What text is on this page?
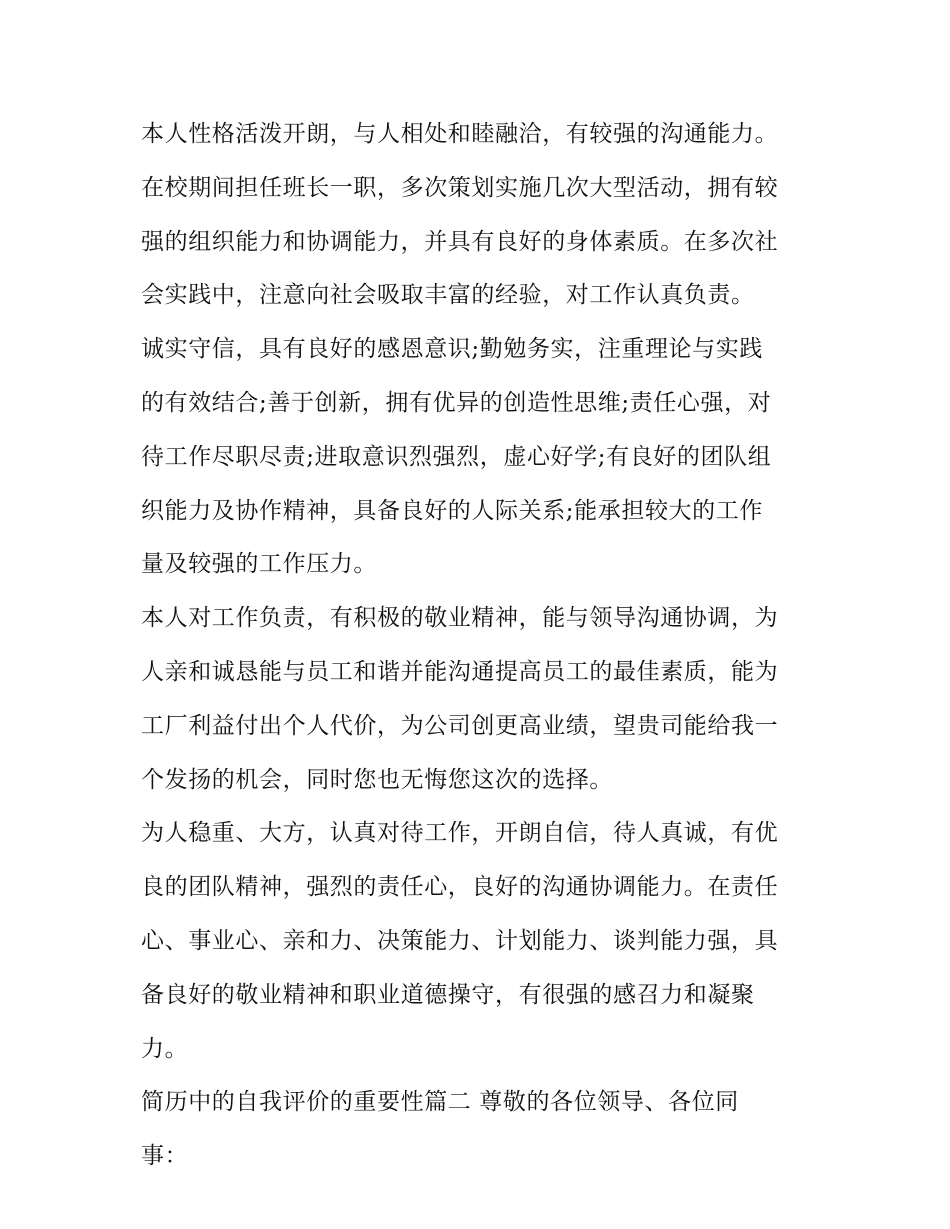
本人性格活泼开朗，与人相处和睦融洽，有较强的沟通能力。
在校期间担任班长一职，多次策划实施几次大型活动，拥有较
强的组织能力和协调能力，并具有良好的身体素质。在多次社
会实践中，注意向社会吸取丰富的经验，对工作认真负责。
诚实守信，具有良好的感恩意识;勤勉务实，注重理论与实践
的有效结合;善于创新，拥有优异的创造性思维;责任心强，对
待工作尽职尽责;进取意识烈强烈，虚心好学;有良好的团队组
织能力及协作精神，具备良好的人际关系;能承担较大的工作
量及较强的工作压力。
本人对工作负责，有积极的敬业精神，能与领导沟通协调，为
人亲和诚恳能与员工和谐并能沟通提高员工的最佳素质，能为
工厂利益付出个人代价，为公司创更高业绩，望贵司能给我一
个发扬的机会，同时您也无悔您这次的选择。
为人稳重、大方，认真对待工作，开朗自信，待人真诚，有优
良的团队精神，强烈的责任心，良好的沟通协调能力。在责任
心、事业心、亲和力、决策能力、计划能力、谈判能力强，具
备良好的敬业精神和职业道德操守，有很强的感召力和凝聚
力。
简历中的自我评价的重要性篇二 尊敬的各位领导、各位同
事：
